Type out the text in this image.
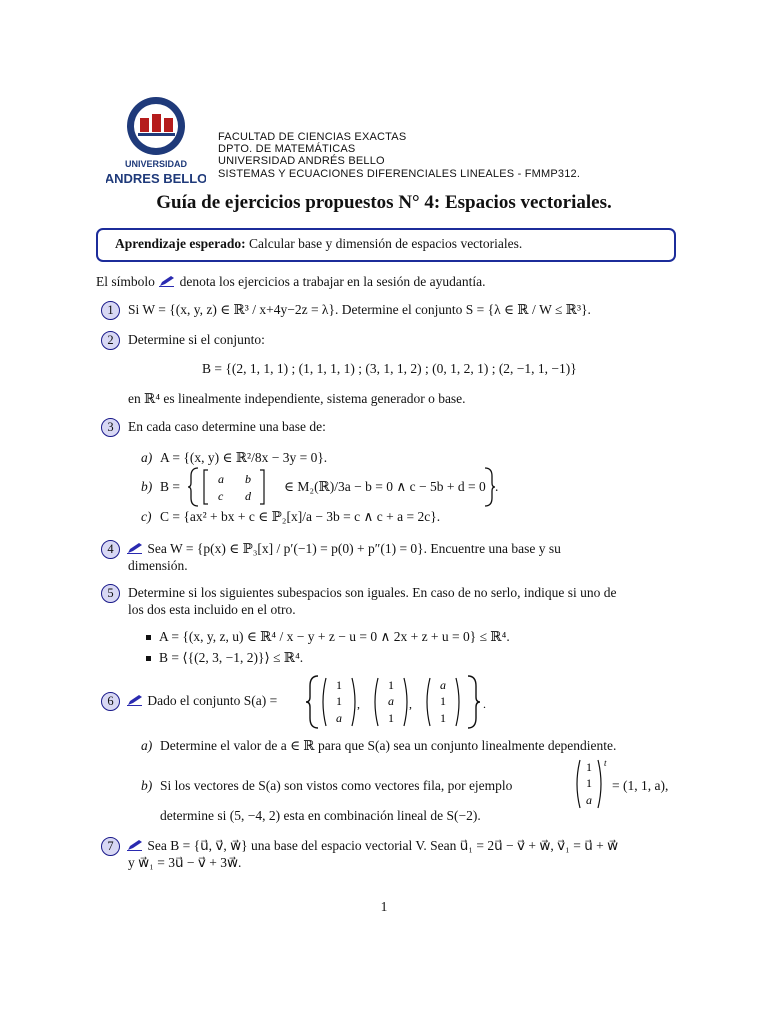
UNIVERSIDAD
ANDRES BELLO
FACULTAD DE CIENCIAS EXACTAS
DPTO. DE MATEMÁTICAS
UNIVERSIDAD ANDRÉS BELLO
SISTEMAS Y ECUACIONES DIFERENCIALES LINEALES - FMMP312.
Guía de ejercicios propuestos N° 4: Espacios vectoriales.
Aprendizaje esperado: Calcular base y dimensión de espacios vectoriales.
El símbolo denota los ejercicios a trabajar en la sesión de ayudantía.
1	Si W = {(x, y, z) ∈ ℝ³ / x+4y−2z = λ}. Determine el conjunto S = {λ ∈ ℝ / W ≤ ℝ³}.
2	Determine si el conjunto:
B = {(2, 1, 1, 1) ; (1, 1, 1, 1) ; (3, 1, 1, 2) ; (0, 1, 2, 1) ; (2, −1, 1, −1)}
en ℝ⁴ es linealmente independiente, sistema generador o base.
3	En cada caso determine una base de:
a) A = {(x, y) ∈ ℝ²/8x − 3y = 0}.
b) B =	a b
c d
∈ M₂(ℝ)/3a − b = 0 ∧ c − 5b + d = 0 .
c) C = {ax² + bx + c ∈ ℙ₂[x]/a − 3b = c ∧ c + a = 2c}.
4	Sea W = {p(x) ∈ ℙ₃[x] / p′(−1) = p(0) + p″(1) = 0}. Encuentre una base y su
dimensión.
5	Determine si los siguientes subespacios son iguales. En caso de no serlo, indique si uno de
los dos esta incluido en el otro.
A = {(x, y, z, u) ∈ ℝ⁴ / x − y + z − u = 0 ∧ 2x + z + u = 0} ≤ ℝ⁴.
B = ⟨{(2, 3, −1, 2)}⟩ ≤ ℝ⁴.
6	Dado el conjunto S(a) =
1
1
a
,
1
a
1
,
a
1
1
.
a) Determine el valor de a ∈ ℝ para que S(a) sea un conjunto linealmente dependiente.
b) Si los vectores de S(a) son vistos como vectores fila, por ejemplo
1
1
a
t
= (1, 1, a),
determine si (5, −4, 2) esta en combinación lineal de S(−2).
7	Sea B = {u⃗, v⃗, w⃗} una base del espacio vectorial V. Sean u⃗₁ = 2u⃗ − v⃗ + w⃗, v⃗₁ = u⃗ + w⃗
y w⃗₁ = 3u⃗ − v⃗ + 3w⃗.
1
